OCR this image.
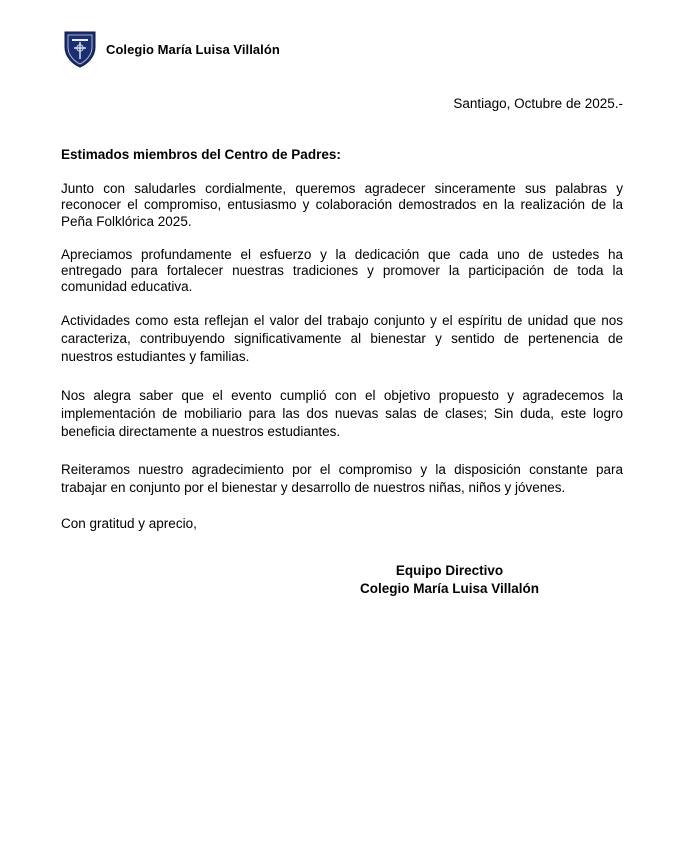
Colegio María Luisa Villalón
Santiago, Octubre de 2025.-

Estimados miembros del Centro de Padres:

Junto con saludarles cordialmente, queremos agradecer sinceramente sus palabras y reconocer el compromiso, entusiasmo y colaboración demostrados en la realización de la Peña Folklórica 2025.

Apreciamos profundamente el esfuerzo y la dedicación que cada uno de ustedes ha entregado para fortalecer nuestras tradiciones y promover la participación de toda la comunidad educativa.

Actividades como esta reflejan el valor del trabajo conjunto y el espíritu de unidad que nos caracteriza, contribuyendo significativamente al bienestar y sentido de pertenencia de nuestros estudiantes y familias.

Nos alegra saber que el evento cumplió con el objetivo propuesto y agradecemos la implementación de mobiliario para las dos nuevas salas de clases; Sin duda, este logro beneficia directamente a nuestros estudiantes.

Reiteramos nuestro agradecimiento por el compromiso y la disposición constante para trabajar en conjunto por el bienestar y desarrollo de nuestros niñas, niños y jóvenes.

Con gratitud y aprecio,

Equipo Directivo
Colegio María Luisa Villalón
